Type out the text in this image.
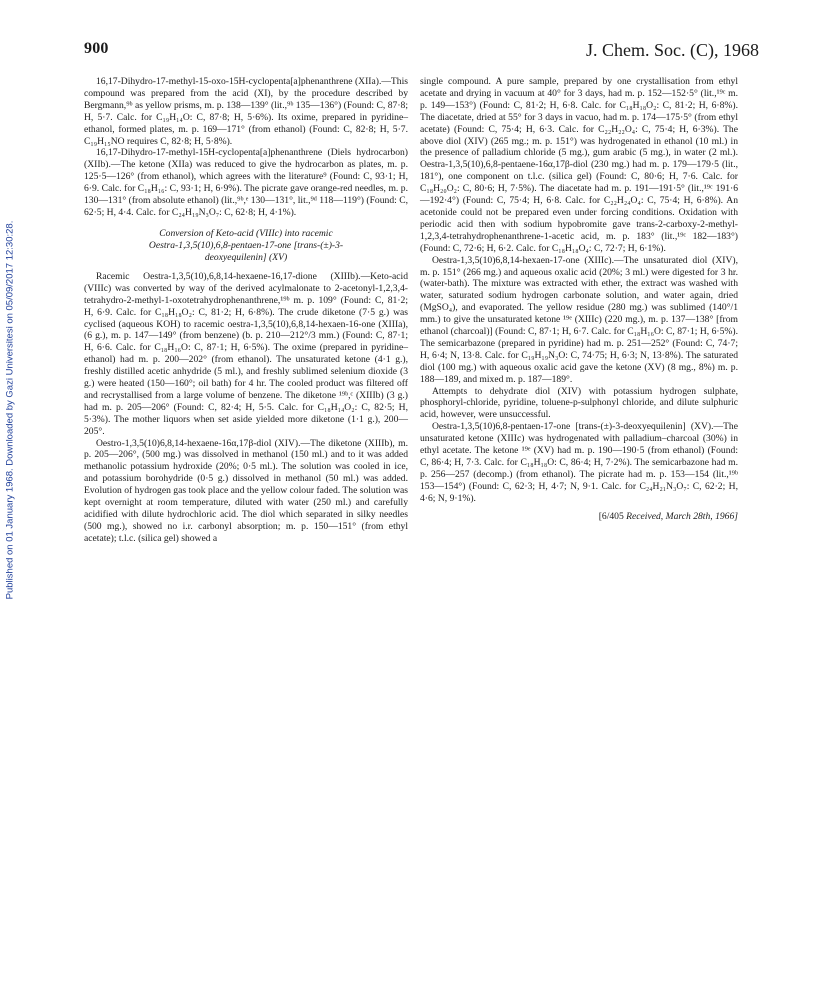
900	J. Chem. Soc. (C), 1968
Published on 01 January 1968. Downloaded by Gazi Universitesi on 05/09/2017 12:30:28.

16,17-Dihydro-17-methyl-15-oxo-15H-cyclopenta[a]phenanthrene (XIIa).—This compound was prepared from the acid (XI), by the procedure described by Bergmann,⁹ᵇ as yellow prisms, m. p. 138—139° (lit.,⁹ᵇ 135—136°) (Found: C, 87·8; H, 5·7. Calc. for C₁₉H₁₄O: C, 87·8; H, 5·6%). Its oxime, prepared in pyridine–ethanol, formed plates, m. p. 169—171° (from ethanol) (Found: C, 82·8; H, 5·7. C₁₉H₁₅NO requires C, 82·8; H, 5·8%).

16,17-Dihydro-17-methyl-15H-cyclopenta[a]phenanthrene (Diels hydrocarbon) (XIIb).—The ketone (XIIa) was reduced to give the hydrocarbon as plates, m. p. 125·5—126° (from ethanol), which agrees with the literature⁹ (Found: C, 93·1; H, 6·9. Calc. for C₁₈H₁₆: C, 93·1; H, 6·9%). The picrate gave orange-red needles, m. p. 130—131° (from absolute ethanol) (lit.,⁹ᵇ,ᵉ 130—131°, lit.,⁹ᵈ 118—119°) (Found: C, 62·5; H, 4·4. Calc. for C₂₄H₁₉N₃O₇: C, 62·8; H, 4·1%).

Conversion of Keto-acid (VIIIc) into racemic
Oestra-1,3,5(10),6,8-pentaen-17-one [trans-(±)-3-
deoxyequilenin] (XV)

Racemic Oestra-1,3,5(10),6,8,14-hexaene-16,17-dione (XIIIb).—Keto-acid (VIIIc) was converted by way of the derived acylmalonate to 2-acetonyl-1,2,3,4-tetrahydro-2-methyl-1-oxotetrahydrophenanthrene,¹⁹ᵇ m. p. 109° (Found: C, 81·2; H, 6·9. Calc. for C₁₈H₁₈O₂: C, 81·2; H, 6·8%). The crude diketone (7·5 g.) was cyclised (aqueous KOH) to racemic oestra-1,3,5(10),6,8,14-hexaen-16-one (XIIIa), (6 g.), m. p. 147—149° (from benzene) (b. p. 210—212°/3 mm.) (Found: C, 87·1; H, 6·6. Calc. for C₁₈H₁₆O: C, 87·1; H, 6·5%). The oxime (prepared in pyridine–ethanol) had m. p. 200—202° (from ethanol). The unsaturated ketone (4·1 g.), freshly distilled acetic anhydride (5 ml.), and freshly sublimed selenium dioxide (3 g.) were heated (150—160°; oil bath) for 4 hr. The cooled product was filtered off and recrystallised from a large volume of benzene. The diketone ¹⁹ᵇ,ᶜ (XIIIb) (3 g.) had m. p. 205—206° (Found: C, 82·4; H, 5·5. Calc. for C₁₈H₁₄O₂: C, 82·5; H, 5·3%). The mother liquors when set aside yielded more diketone (1·1 g.), 200—205°.

Oestro-1,3,5(10)6,8,14-hexaene-16α,17β-diol (XIV).—The diketone (XIIIb), m. p. 205—206°, (500 mg.) was dissolved in methanol (150 ml.) and to it was added methanolic potassium hydroxide (20%; 0·5 ml.). The solution was cooled in ice, and potassium borohydride (0·5 g.) dissolved in methanol (50 ml.) was added. Evolution of hydrogen gas took place and the yellow colour faded. The solution was kept overnight at room temperature, diluted with water (250 ml.) and carefully acidified with dilute hydrochloric acid. The diol which separated in silky needles (500 mg.), showed no i.r. carbonyl absorption; m. p. 150—151° (from ethyl acetate); t.l.c. (silica gel) showed a

single compound. A pure sample, prepared by one crystallisation from ethyl acetate and drying in vacuum at 40° for 3 days, had m. p. 152—152·5° (lit.,¹⁹ᶜ m. p. 149—153°) (Found: C, 81·2; H, 6·8. Calc. for C₁₈H₁₈O₂: C, 81·2; H, 6·8%). The diacetate, dried at 55° for 3 days in vacuo, had m. p. 174—175·5° (from ethyl acetate) (Found: C, 75·4; H, 6·3. Calc. for C₂₂H₂₂O₄: C, 75·4; H, 6·3%). The above diol (XIV) (265 mg.; m. p. 151°) was hydrogenated in ethanol (10 ml.) in the presence of palladium chloride (5 mg.), gum arabic (5 mg.), in water (2 ml.). Oestra-1,3,5(10),6,8-pentaene-16α,17β-diol (230 mg.) had m. p. 179—179·5 (lit., 181°), one component on t.l.c. (silica gel) (Found: C, 80·6; H, 7·6. Calc. for C₁₈H₂₀O₂: C, 80·6; H, 7·5%). The diacetate had m. p. 191—191·5° (lit.,¹⁹ᶜ 191·6—192·4°) (Found: C, 75·4; H, 6·8. Calc. for C₂₂H₂₄O₄: C, 75·4; H, 6·8%). An acetonide could not be prepared even under forcing conditions. Oxidation with periodic acid then with sodium hypobromite gave trans-2-carboxy-2-methyl-1,2,3,4-tetrahydrophenanthrene-1-acetic acid, m. p. 183° (lit.,¹⁹ᶜ 182—183°) (Found: C, 72·6; H, 6·2. Calc. for C₁₈H₁₈O₄: C, 72·7; H, 6·1%).

Oestra-1,3,5(10)6,8,14-hexaen-17-one (XIIIc).—The unsaturated diol (XIV), m. p. 151° (266 mg.) and aqueous oxalic acid (20%; 3 ml.) were digested for 3 hr. (water-bath). The mixture was extracted with ether, the extract was washed with water, saturated sodium hydrogen carbonate solution, and water again, dried (MgSO₄), and evaporated. The yellow residue (280 mg.) was sublimed (140°/1 mm.) to give the unsaturated ketone ¹⁹ᵉ (XIIIc) (220 mg.), m. p. 137—138° [from ethanol (charcoal)] (Found: C, 87·1; H, 6·7. Calc. for C₁₈H₁₆O: C, 87·1; H, 6·5%). The semicarbazone (prepared in pyridine) had m. p. 251—252° (Found: C, 74·7; H, 6·4; N, 13·8. Calc. for C₁₉H₁₉N₃O: C, 74·75; H, 6·3; N, 13·8%). The saturated diol (100 mg.) with aqueous oxalic acid gave the ketone (XV) (8 mg., 8%) m. p. 188—189, and mixed m. p. 187—189°.

Attempts to dehydrate diol (XIV) with potassium hydrogen sulphate, phosphoryl-chloride, pyridine, toluene-p-sulphonyl chloride, and dilute sulphuric acid, however, were unsuccessful.

Oestra-1,3,5(10)6,8-pentaen-17-one [trans-(±)-3-deoxyequilenin] (XV).—The unsaturated ketone (XIIIc) was hydrogenated with palladium–charcoal (30%) in ethyl acetate. The ketone ¹⁹ᵉ (XV) had m. p. 190—190·5 (from ethanol) (Found: C, 86·4; H, 7·3. Calc. for C₁₈H₁₈O: C, 86·4; H, 7·2%). The semicarbazone had m. p. 256—257 (decomp.) (from ethanol). The picrate had m. p. 153—154 (lit.,¹⁹ᵇ 153—154°) (Found: C, 62·3; H, 4·7; N, 9·1. Calc. for C₂₄H₂₁N₃O₇: C, 62·2; H, 4·6; N, 9·1%).

[6/405 Received, March 28th, 1966]
